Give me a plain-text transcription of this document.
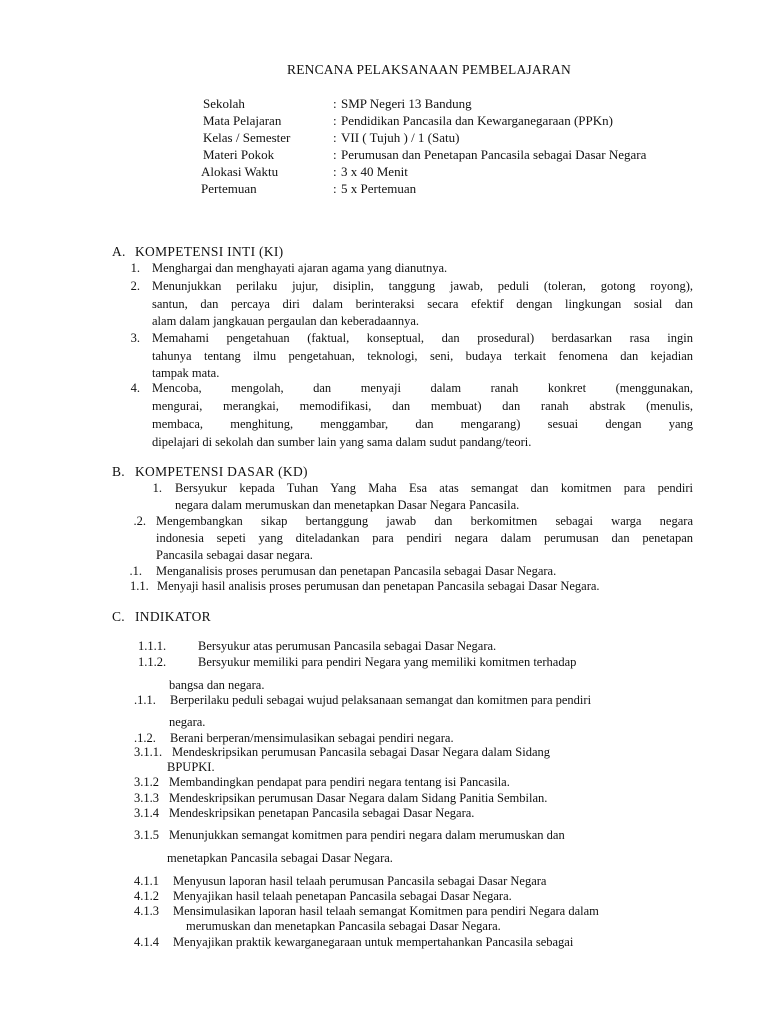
RENCANA PELAKSANAAN PEMBELAJARAN
Sekolah	: SMP Negeri 13 Bandung
Mata Pelajaran	: Pendidikan Pancasila dan Kewarganegaraan (PPKn)
Kelas / Semester	: VII ( Tujuh ) / 1 (Satu)
Materi Pokok	: Perumusan dan Penetapan Pancasila sebagai Dasar Negara
Alokasi Waktu	: 3 x 40 Menit
Pertemuan	: 5 x Pertemuan
A. KOMPETENSI INTI (KI)
1. Menghargai dan menghayati ajaran agama yang dianutnya.
2. Menunjukkan perilaku jujur, disiplin, tanggung jawab, peduli (toleran, gotong royong),
santun, dan percaya diri dalam berinteraksi secara efektif dengan lingkungan sosial dan
alam dalam jangkauan pergaulan dan keberadaannya.
3. Memahami pengetahuan (faktual, konseptual, dan prosedural) berdasarkan rasa ingin
tahunya tentang ilmu pengetahuan, teknologi, seni, budaya terkait fenomena dan kejadian
tampak mata.
4. Mencoba, mengolah, dan menyaji dalam ranah konkret (menggunakan,
mengurai, merangkai, memodifikasi, dan membuat) dan ranah abstrak (menulis,
membaca, menghitung, menggambar, dan mengarang) sesuai dengan yang
dipelajari di sekolah dan sumber lain yang sama dalam sudut pandang/teori.
B. KOMPETENSI DASAR (KD)
1. Bersyukur kepada Tuhan Yang Maha Esa atas semangat dan komitmen para pendiri
negara dalam merumuskan dan menetapkan Dasar Negara Pancasila.
.2. Mengembangkan sikap bertanggung jawab dan berkomitmen sebagai warga negara
indonesia sepeti yang diteladankan para pendiri negara dalam perumusan dan penetapan
Pancasila sebagai dasar negara.
.1. Menganalisis proses perumusan dan penetapan Pancasila sebagai Dasar Negara.
1.1. Menyaji hasil analisis proses perumusan dan penetapan Pancasila sebagai Dasar Negara.
C. INDIKATOR
1.1.1.	Bersyukur atas perumusan Pancasila sebagai Dasar Negara.
1.1.2.	Bersyukur memiliki para pendiri Negara yang memiliki komitmen terhadap
bangsa dan negara.
.1.1. Berperilaku peduli sebagai wujud pelaksanaan semangat dan komitmen para pendiri
negara.
.1.2. Berani berperan/mensimulasikan sebagai pendiri negara.
3.1.1. Mendeskripsikan perumusan Pancasila sebagai Dasar Negara dalam Sidang
BPUPKI.
3.1.2 Membandingkan pendapat para pendiri negara tentang isi Pancasila.
3.1.3 Mendeskripsikan perumusan Dasar Negara dalam Sidang Panitia Sembilan.
3.1.4 Mendeskripsikan penetapan Pancasila sebagai Dasar Negara.
3.1.5 Menunjukkan semangat komitmen para pendiri negara dalam merumuskan dan
menetapkan Pancasila sebagai Dasar Negara.
4.1.1 Menyusun laporan hasil telaah perumusan Pancasila sebagai Dasar Negara
4.1.2 Menyajikan hasil telaah penetapan Pancasila sebagai Dasar Negara.
4.1.3 Mensimulasikan laporan hasil telaah semangat Komitmen para pendiri Negara dalam
merumuskan dan menetapkan Pancasila sebagai Dasar Negara.
4.1.4 Menyajikan praktik kewarganegaraan untuk mempertahankan Pancasila sebagai
